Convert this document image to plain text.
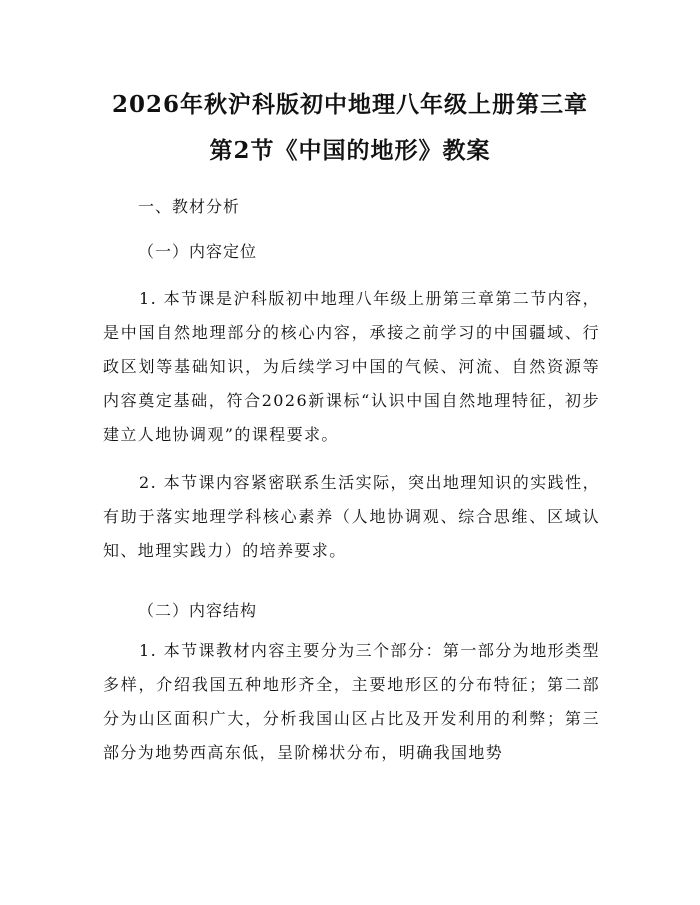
2026年秋沪科版初中地理八年级上册第三章
第2节《中国的地形》教案
一、教材分析
（一）内容定位
1. 本节课是沪科版初中地理八年级上册第三章第二节内容，是中国自然地理部分的核心内容，承接之前学习的中国疆域、行政区划等基础知识，为后续学习中国的气候、河流、自然资源等内容奠定基础，符合2026新课标“认识中国自然地理特征，初步建立人地协调观”的课程要求。
2. 本节课内容紧密联系生活实际，突出地理知识的实践性，有助于落实地理学科核心素养（人地协调观、综合思维、区域认知、地理实践力）的培养要求。
（二）内容结构
1. 本节课教材内容主要分为三个部分：第一部分为地形类型多样，介绍我国五种地形齐全，主要地形区的分布特征；第二部分为山区面积广大，分析我国山区占比及开发利用的利弊；第三部分为地势西高东低，呈阶梯状分布，明确我国地势
